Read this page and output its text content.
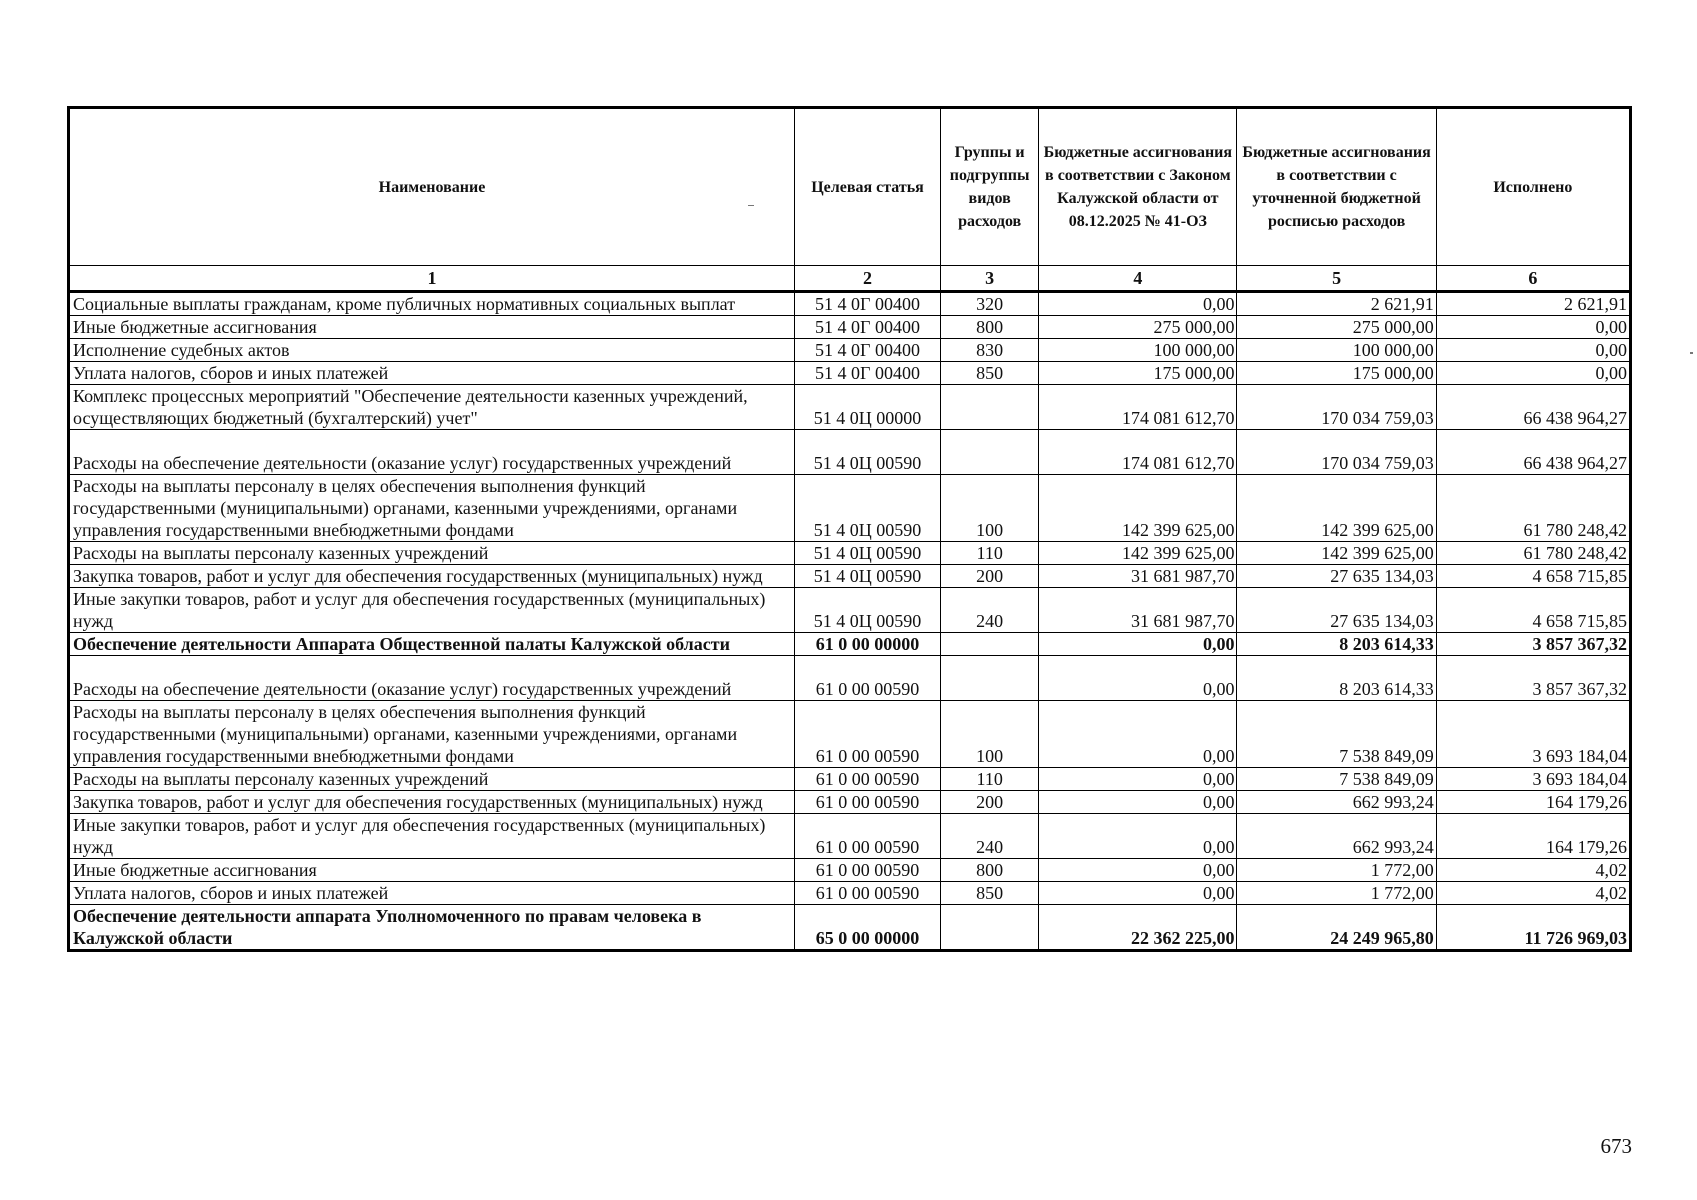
Наименование	Целевая статья	Группы и подгруппы видов расходов	Бюджетные ассигнования в соответствии с Законом Калужской области от 08.12.2025 № 41-ОЗ	Бюджетные ассигнования в соответствии с уточненной бюджетной росписью расходов	Исполнено
1	2	3	4	5	6
Социальные выплаты гражданам, кроме публичных нормативных социальных выплат	51 4 0Г 00400	320	0,00	2 621,91	2 621,91
Иные бюджетные ассигнования	51 4 0Г 00400	800	275 000,00	275 000,00	0,00
Исполнение судебных актов	51 4 0Г 00400	830	100 000,00	100 000,00	0,00
Уплата налогов, сборов и иных платежей	51 4 0Г 00400	850	175 000,00	175 000,00	0,00
Комплекс процессных мероприятий "Обеспечение деятельности казенных учреждений, осуществляющих бюджетный (бухгалтерский) учет"	51 4 0Ц 00000		174 081 612,70	170 034 759,03	66 438 964,27
Расходы на обеспечение деятельности (оказание услуг) государственных учреждений	51 4 0Ц 00590		174 081 612,70	170 034 759,03	66 438 964,27
Расходы на выплаты персоналу в целях обеспечения выполнения функций государственными (муниципальными) органами, казенными учреждениями, органами управления государственными внебюджетными фондами	51 4 0Ц 00590	100	142 399 625,00	142 399 625,00	61 780 248,42
Расходы на выплаты персоналу казенных учреждений	51 4 0Ц 00590	110	142 399 625,00	142 399 625,00	61 780 248,42
Закупка товаров, работ и услуг для обеспечения государственных (муниципальных) нужд	51 4 0Ц 00590	200	31 681 987,70	27 635 134,03	4 658 715,85
Иные закупки товаров, работ и услуг для обеспечения государственных (муниципальных) нужд	51 4 0Ц 00590	240	31 681 987,70	27 635 134,03	4 658 715,85
Обеспечение деятельности Аппарата Общественной палаты Калужской области	61 0 00 00000		0,00	8 203 614,33	3 857 367,32
Расходы на обеспечение деятельности (оказание услуг) государственных учреждений	61 0 00 00590		0,00	8 203 614,33	3 857 367,32
Расходы на выплаты персоналу в целях обеспечения выполнения функций государственными (муниципальными) органами, казенными учреждениями, органами управления государственными внебюджетными фондами	61 0 00 00590	100	0,00	7 538 849,09	3 693 184,04
Расходы на выплаты персоналу казенных учреждений	61 0 00 00590	110	0,00	7 538 849,09	3 693 184,04
Закупка товаров, работ и услуг для обеспечения государственных (муниципальных) нужд	61 0 00 00590	200	0,00	662 993,24	164 179,26
Иные закупки товаров, работ и услуг для обеспечения государственных (муниципальных) нужд	61 0 00 00590	240	0,00	662 993,24	164 179,26
Иные бюджетные ассигнования	61 0 00 00590	800	0,00	1 772,00	4,02
Уплата налогов, сборов и иных платежей	61 0 00 00590	850	0,00	1 772,00	4,02
Обеспечение деятельности аппарата Уполномоченного по правам человека в Калужской области	65 0 00 00000		22 362 225,00	24 249 965,80	11 726 969,03
673
